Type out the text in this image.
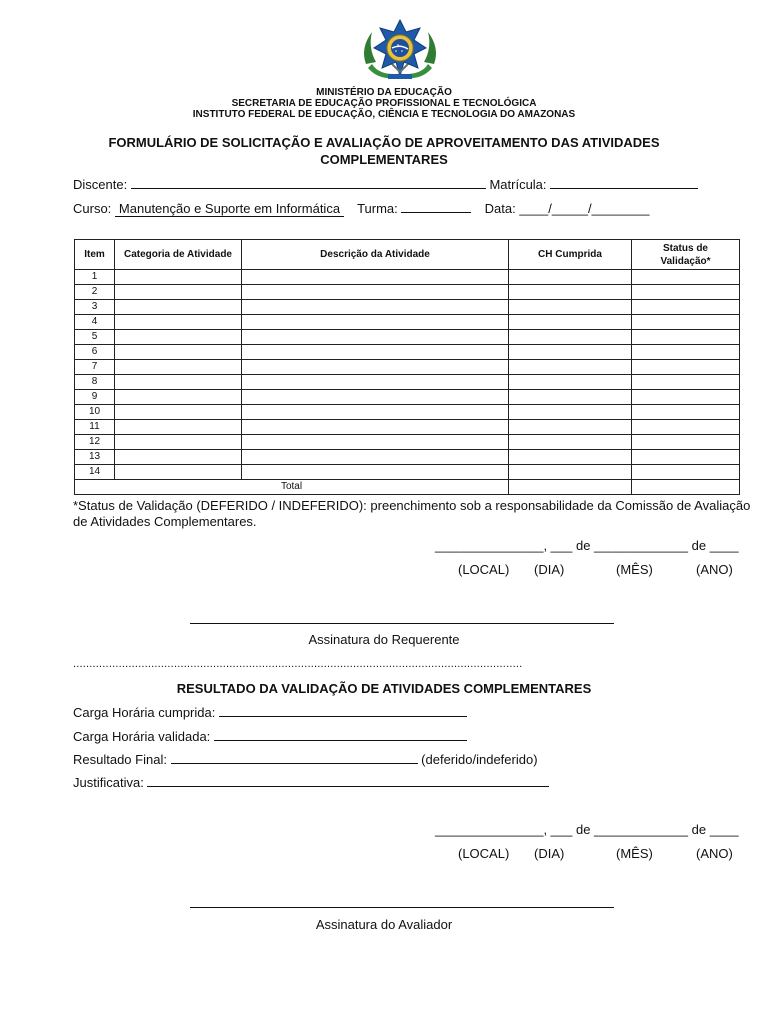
MINISTÉRIO DA EDUCAÇÃO
SECRETARIA DE EDUCAÇÃO PROFISSIONAL E TECNOLÓGICA
INSTITUTO FEDERAL DE EDUCAÇÃO, CIÊNCIA E TECNOLOGIA DO AMAZONAS
FORMULÁRIO DE SOLICITAÇÃO E AVALIAÇÃO DE APROVEITAMENTO DAS ATIVIDADES
COMPLEMENTARES
Discente:	Matrícula:
Curso: Manutenção e Suporte em Informática Turma:	Data: ____/_____/________
Item	Categoria de Atividade	Descrição da Atividade	CH Cumprida	Status de Validação*
1				
2				
3				
4				
5				
6				
7				
8				
9				
10				
11				
12				
13				
14				
Total				
*Status de Validação (DEFERIDO / INDEFERIDO): preenchimento sob a responsabilidade da Comissão de Avaliação
de Atividades Complementares.
_______________, ___ de _____________ de ____
(LOCAL) (DIA)	(MÊS)	(ANO)
Assinatura do Requerente
..........................................................................................................................................
RESULTADO DA VALIDAÇÃO DE ATIVIDADES COMPLEMENTARES
Carga Horária cumprida:
Carga Horária validada:
Resultado Final:	(deferido/indeferido)
Justificativa:
_______________, ___ de _____________ de ____
(LOCAL) (DIA)	(MÊS)	(ANO)
Assinatura do Avaliador
